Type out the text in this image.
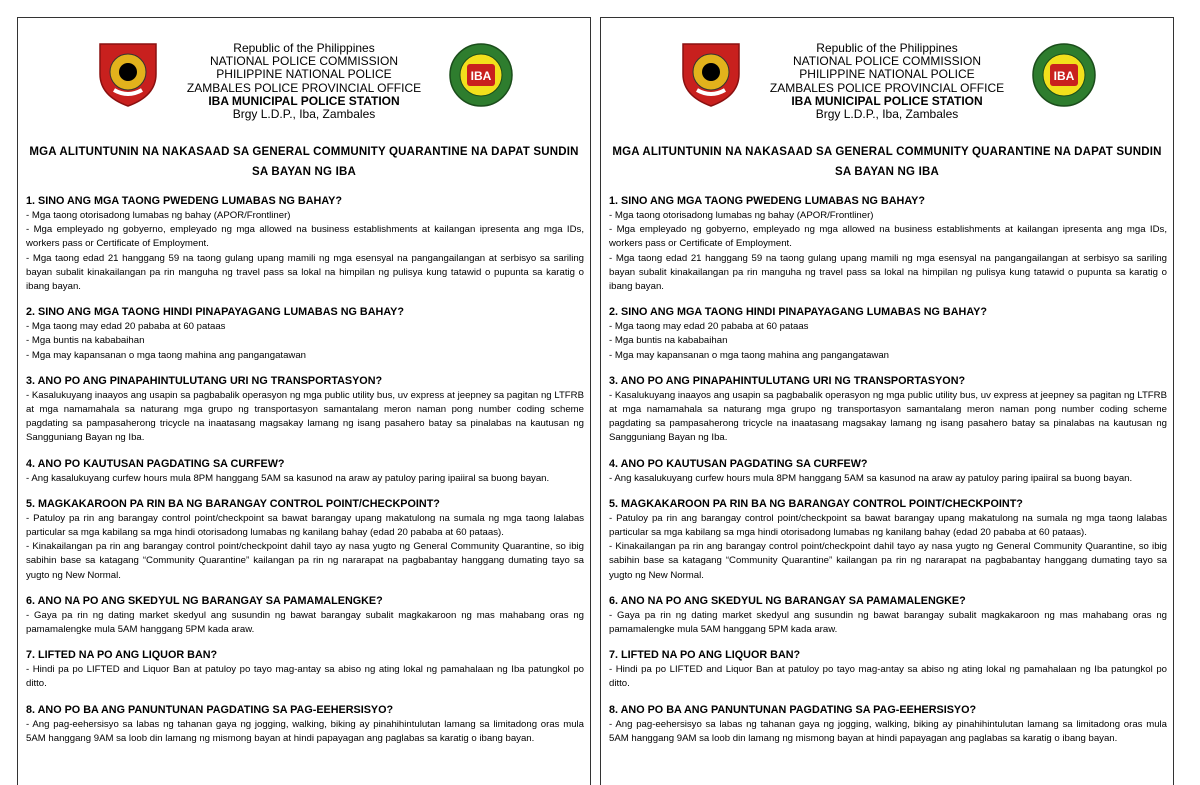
Republic of the Philippines
NATIONAL POLICE COMMISSION
PHILIPPINE NATIONAL POLICE
ZAMBALES POLICE PROVINCIAL OFFICE
IBA MUNICIPAL POLICE STATION
Brgy L.D.P., Iba, Zambales
IBA
MGA ALITUNTUNIN NA NAKASAAD SA GENERAL COMMUNITY QUARANTINE NA DAPAT SUNDIN SA BAYAN NG IBA
1. SINO ANG MGA TAONG PWEDENG LUMABAS NG BAHAY?
- Mga taong otorisadong lumabas ng bahay (APOR/Frontliner)
- Mga empleyado ng gobyerno, empleyado ng mga allowed na business establishments at kailangan ipresenta ang mga IDs, workers pass or Certificate of Employment.
- Mga taong edad 21 hanggang 59 na taong gulang upang mamili ng mga esensyal na pangangailangan at serbisyo sa sariling bayan subalit kinakailangan pa rin manguha ng travel pass sa lokal na himpilan ng pulisya kung tatawid o pupunta sa karatig o ibang bayan.
2. SINO ANG MGA TAONG HINDI PINAPAYAGANG LUMABAS NG BAHAY?
- Mga taong may edad 20 pababa at 60 pataas
- Mga buntis na kababaihan
- Mga may kapansanan o mga taong mahina ang pangangatawan
3. ANO PO ANG PINAPAHINTULUTANG URI NG TRANSPORTASYON?
- Kasalukuyang inaayos ang usapin sa pagbabalik operasyon ng mga public utility bus, uv express at jeepney sa pagitan ng LTFRB at mga namamahala sa naturang mga grupo ng transportasyon samantalang meron naman pong number coding scheme pagdating sa pampasaherong tricycle na inaatasang magsakay lamang ng isang pasahero batay sa pinalabas na kautusan ng Sangguniang Bayan ng Iba.
4. ANO PO KAUTUSAN PAGDATING SA CURFEW?
- Ang kasalukuyang curfew hours mula 8PM hanggang 5AM sa kasunod na araw ay patuloy paring ipaiiral sa buong bayan.
5. MAGKAKAROON PA RIN BA NG BARANGAY CONTROL POINT/CHECKPOINT?
- Patuloy pa rin ang barangay control point/checkpoint sa bawat barangay upang makatulong na sumala ng mga taong lalabas particular sa mga kabilang sa mga hindi otorisadong lumabas ng kanilang bahay (edad 20 pababa at 60 pataas).
- Kinakailangan pa rin ang barangay control point/checkpoint dahil tayo ay nasa yugto ng General Community Quarantine, so ibig sabihin base sa katagang “Community Quarantine” kailangan pa rin ng nararapat na pagbabantay hanggang dumating tayo sa yugto ng New Normal.
6. ANO NA PO ANG SKEDYUL NG BARANGAY SA PAMAMALENGKE?
- Gaya pa rin ng dating market skedyul ang susundin ng bawat barangay subalit magkakaroon ng mas mahabang oras ng pamamalengke mula 5AM hanggang 5PM kada araw.
7. LIFTED NA PO ANG LIQUOR BAN?
- Hindi pa po LIFTED and Liquor Ban at patuloy po tayo mag-antay sa abiso ng ating lokal ng pamahalaan ng Iba patungkol po ditto.
8. ANO PO BA ANG PANUNTUNAN PAGDATING SA PAG-EEHERSISYO?
- Ang pag-eehersisyo sa labas ng tahanan gaya ng jogging, walking, biking ay pinahihintulutan lamang sa limitadong oras mula 5AM hanggang 9AM sa loob din lamang ng mismong bayan at hindi papayagan ang paglabas sa karatig o ibang bayan.
Republic of the Philippines
NATIONAL POLICE COMMISSION
PHILIPPINE NATIONAL POLICE
ZAMBALES POLICE PROVINCIAL OFFICE
IBA MUNICIPAL POLICE STATION
Brgy L.D.P., Iba, Zambales
IBA
MGA ALITUNTUNIN NA NAKASAAD SA GENERAL COMMUNITY QUARANTINE NA DAPAT SUNDIN SA BAYAN NG IBA
1. SINO ANG MGA TAONG PWEDENG LUMABAS NG BAHAY?
- Mga taong otorisadong lumabas ng bahay (APOR/Frontliner)
- Mga empleyado ng gobyerno, empleyado ng mga allowed na business establishments at kailangan ipresenta ang mga IDs, workers pass or Certificate of Employment.
- Mga taong edad 21 hanggang 59 na taong gulang upang mamili ng mga esensyal na pangangailangan at serbisyo sa sariling bayan subalit kinakailangan pa rin manguha ng travel pass sa lokal na himpilan ng pulisya kung tatawid o pupunta sa karatig o ibang bayan.
2. SINO ANG MGA TAONG HINDI PINAPAYAGANG LUMABAS NG BAHAY?
- Mga taong may edad 20 pababa at 60 pataas
- Mga buntis na kababaihan
- Mga may kapansanan o mga taong mahina ang pangangatawan
3. ANO PO ANG PINAPAHINTULUTANG URI NG TRANSPORTASYON?
- Kasalukuyang inaayos ang usapin sa pagbabalik operasyon ng mga public utility bus, uv express at jeepney sa pagitan ng LTFRB at mga namamahala sa naturang mga grupo ng transportasyon samantalang meron naman pong number coding scheme pagdating sa pampasaherong tricycle na inaatasang magsakay lamang ng isang pasahero batay sa pinalabas na kautusan ng Sangguniang Bayan ng Iba.
4. ANO PO KAUTUSAN PAGDATING SA CURFEW?
- Ang kasalukuyang curfew hours mula 8PM hanggang 5AM sa kasunod na araw ay patuloy paring ipaiiral sa buong bayan.
5. MAGKAKAROON PA RIN BA NG BARANGAY CONTROL POINT/CHECKPOINT?
- Patuloy pa rin ang barangay control point/checkpoint sa bawat barangay upang makatulong na sumala ng mga taong lalabas particular sa mga kabilang sa mga hindi otorisadong lumabas ng kanilang bahay (edad 20 pababa at 60 pataas).
- Kinakailangan pa rin ang barangay control point/checkpoint dahil tayo ay nasa yugto ng General Community Quarantine, so ibig sabihin base sa katagang “Community Quarantine” kailangan pa rin ng nararapat na pagbabantay hanggang dumating tayo sa yugto ng New Normal.
6. ANO NA PO ANG SKEDYUL NG BARANGAY SA PAMAMALENGKE?
- Gaya pa rin ng dating market skedyul ang susundin ng bawat barangay subalit magkakaroon ng mas mahabang oras ng pamamalengke mula 5AM hanggang 5PM kada araw.
7. LIFTED NA PO ANG LIQUOR BAN?
- Hindi pa po LIFTED and Liquor Ban at patuloy po tayo mag-antay sa abiso ng ating lokal ng pamahalaan ng Iba patungkol po ditto.
8. ANO PO BA ANG PANUNTUNAN PAGDATING SA PAG-EEHERSISYO?
- Ang pag-eehersisyo sa labas ng tahanan gaya ng jogging, walking, biking ay pinahihintulutan lamang sa limitadong oras mula 5AM hanggang 9AM sa loob din lamang ng mismong bayan at hindi papayagan ang paglabas sa karatig o ibang bayan.
